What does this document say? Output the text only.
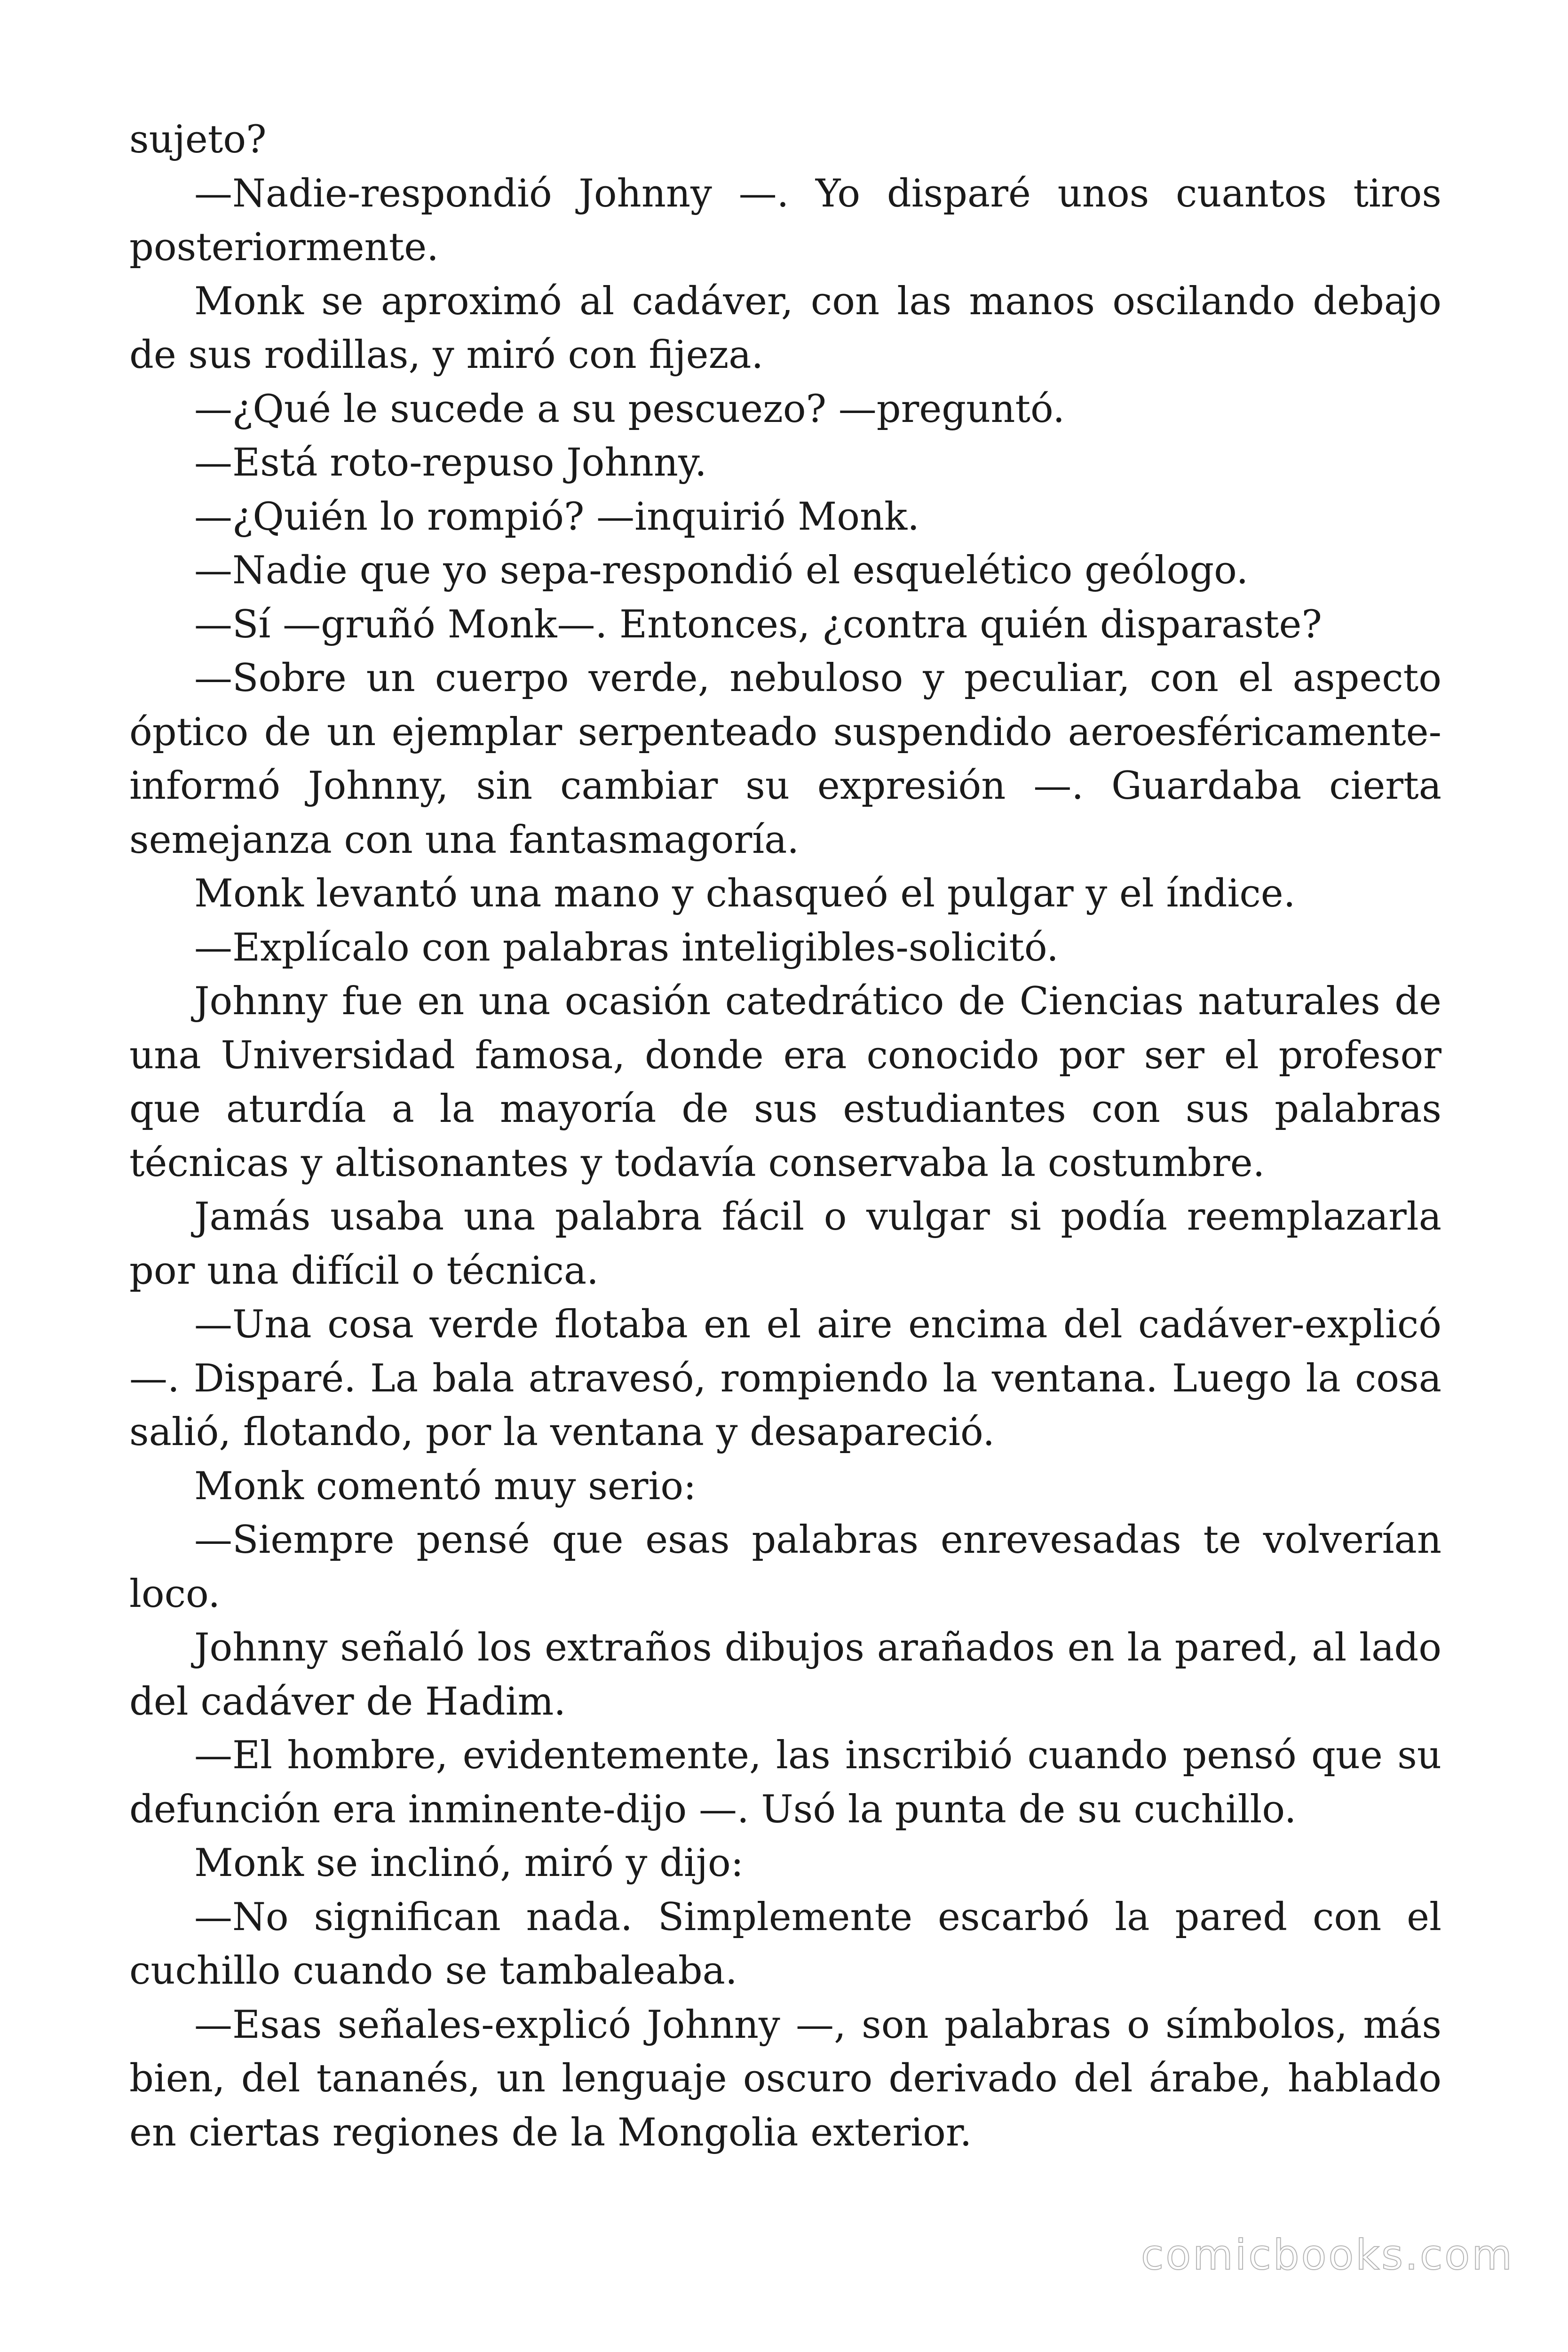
sujeto?

—Nadie-respondió Johnny —. Yo disparé unos cuantos tiros posteriormente.

Monk se aproximó al cadáver, con las manos oscilando debajo de sus rodillas, y miró con fijeza.

—¿Qué le sucede a su pescuezo? —preguntó.

—Está roto-repuso Johnny.

—¿Quién lo rompió? —inquirió Monk.

—Nadie que yo sepa-respondió el esquelético geólogo.

—Sí —gruñó Monk—. Entonces, ¿contra quién disparaste?

—Sobre un cuerpo verde, nebuloso y peculiar, con el aspecto óptico de un ejemplar serpenteado suspendido aeroesféricamente-informó Johnny, sin cambiar su expresión —. Guardaba cierta semejanza con una fantasmagoría.

Monk levantó una mano y chasqueó el pulgar y el índice.

—Explícalo con palabras inteligibles-solicitó.

Johnny fue en una ocasión catedrático de Ciencias naturales de una Universidad famosa, donde era conocido por ser el profesor que aturdía a la mayoría de sus estudiantes con sus palabras técnicas y altisonantes y todavía conservaba la costumbre.

Jamás usaba una palabra fácil o vulgar si podía reemplazarla por una difícil o técnica.

—Una cosa verde flotaba en el aire encima del cadáver-explicó —. Disparé. La bala atravesó, rompiendo la ventana. Luego la cosa salió, flotando, por la ventana y desapareció.

Monk comentó muy serio:

—Siempre pensé que esas palabras enrevesadas te volverían loco.

Johnny señaló los extraños dibujos arañados en la pared, al lado del cadáver de Hadim.

—El hombre, evidentemente, las inscribió cuando pensó que su defunción era inminente-dijo —. Usó la punta de su cuchillo.

Monk se inclinó, miró y dijo:

—No significan nada. Simplemente escarbó la pared con el cuchillo cuando se tambaleaba.

—Esas señales-explicó Johnny —, son palabras o símbolos, más bien, del tananés, un lenguaje oscuro derivado del árabe, hablado en ciertas regiones de la Mongolia exterior.

comicbooks.com
